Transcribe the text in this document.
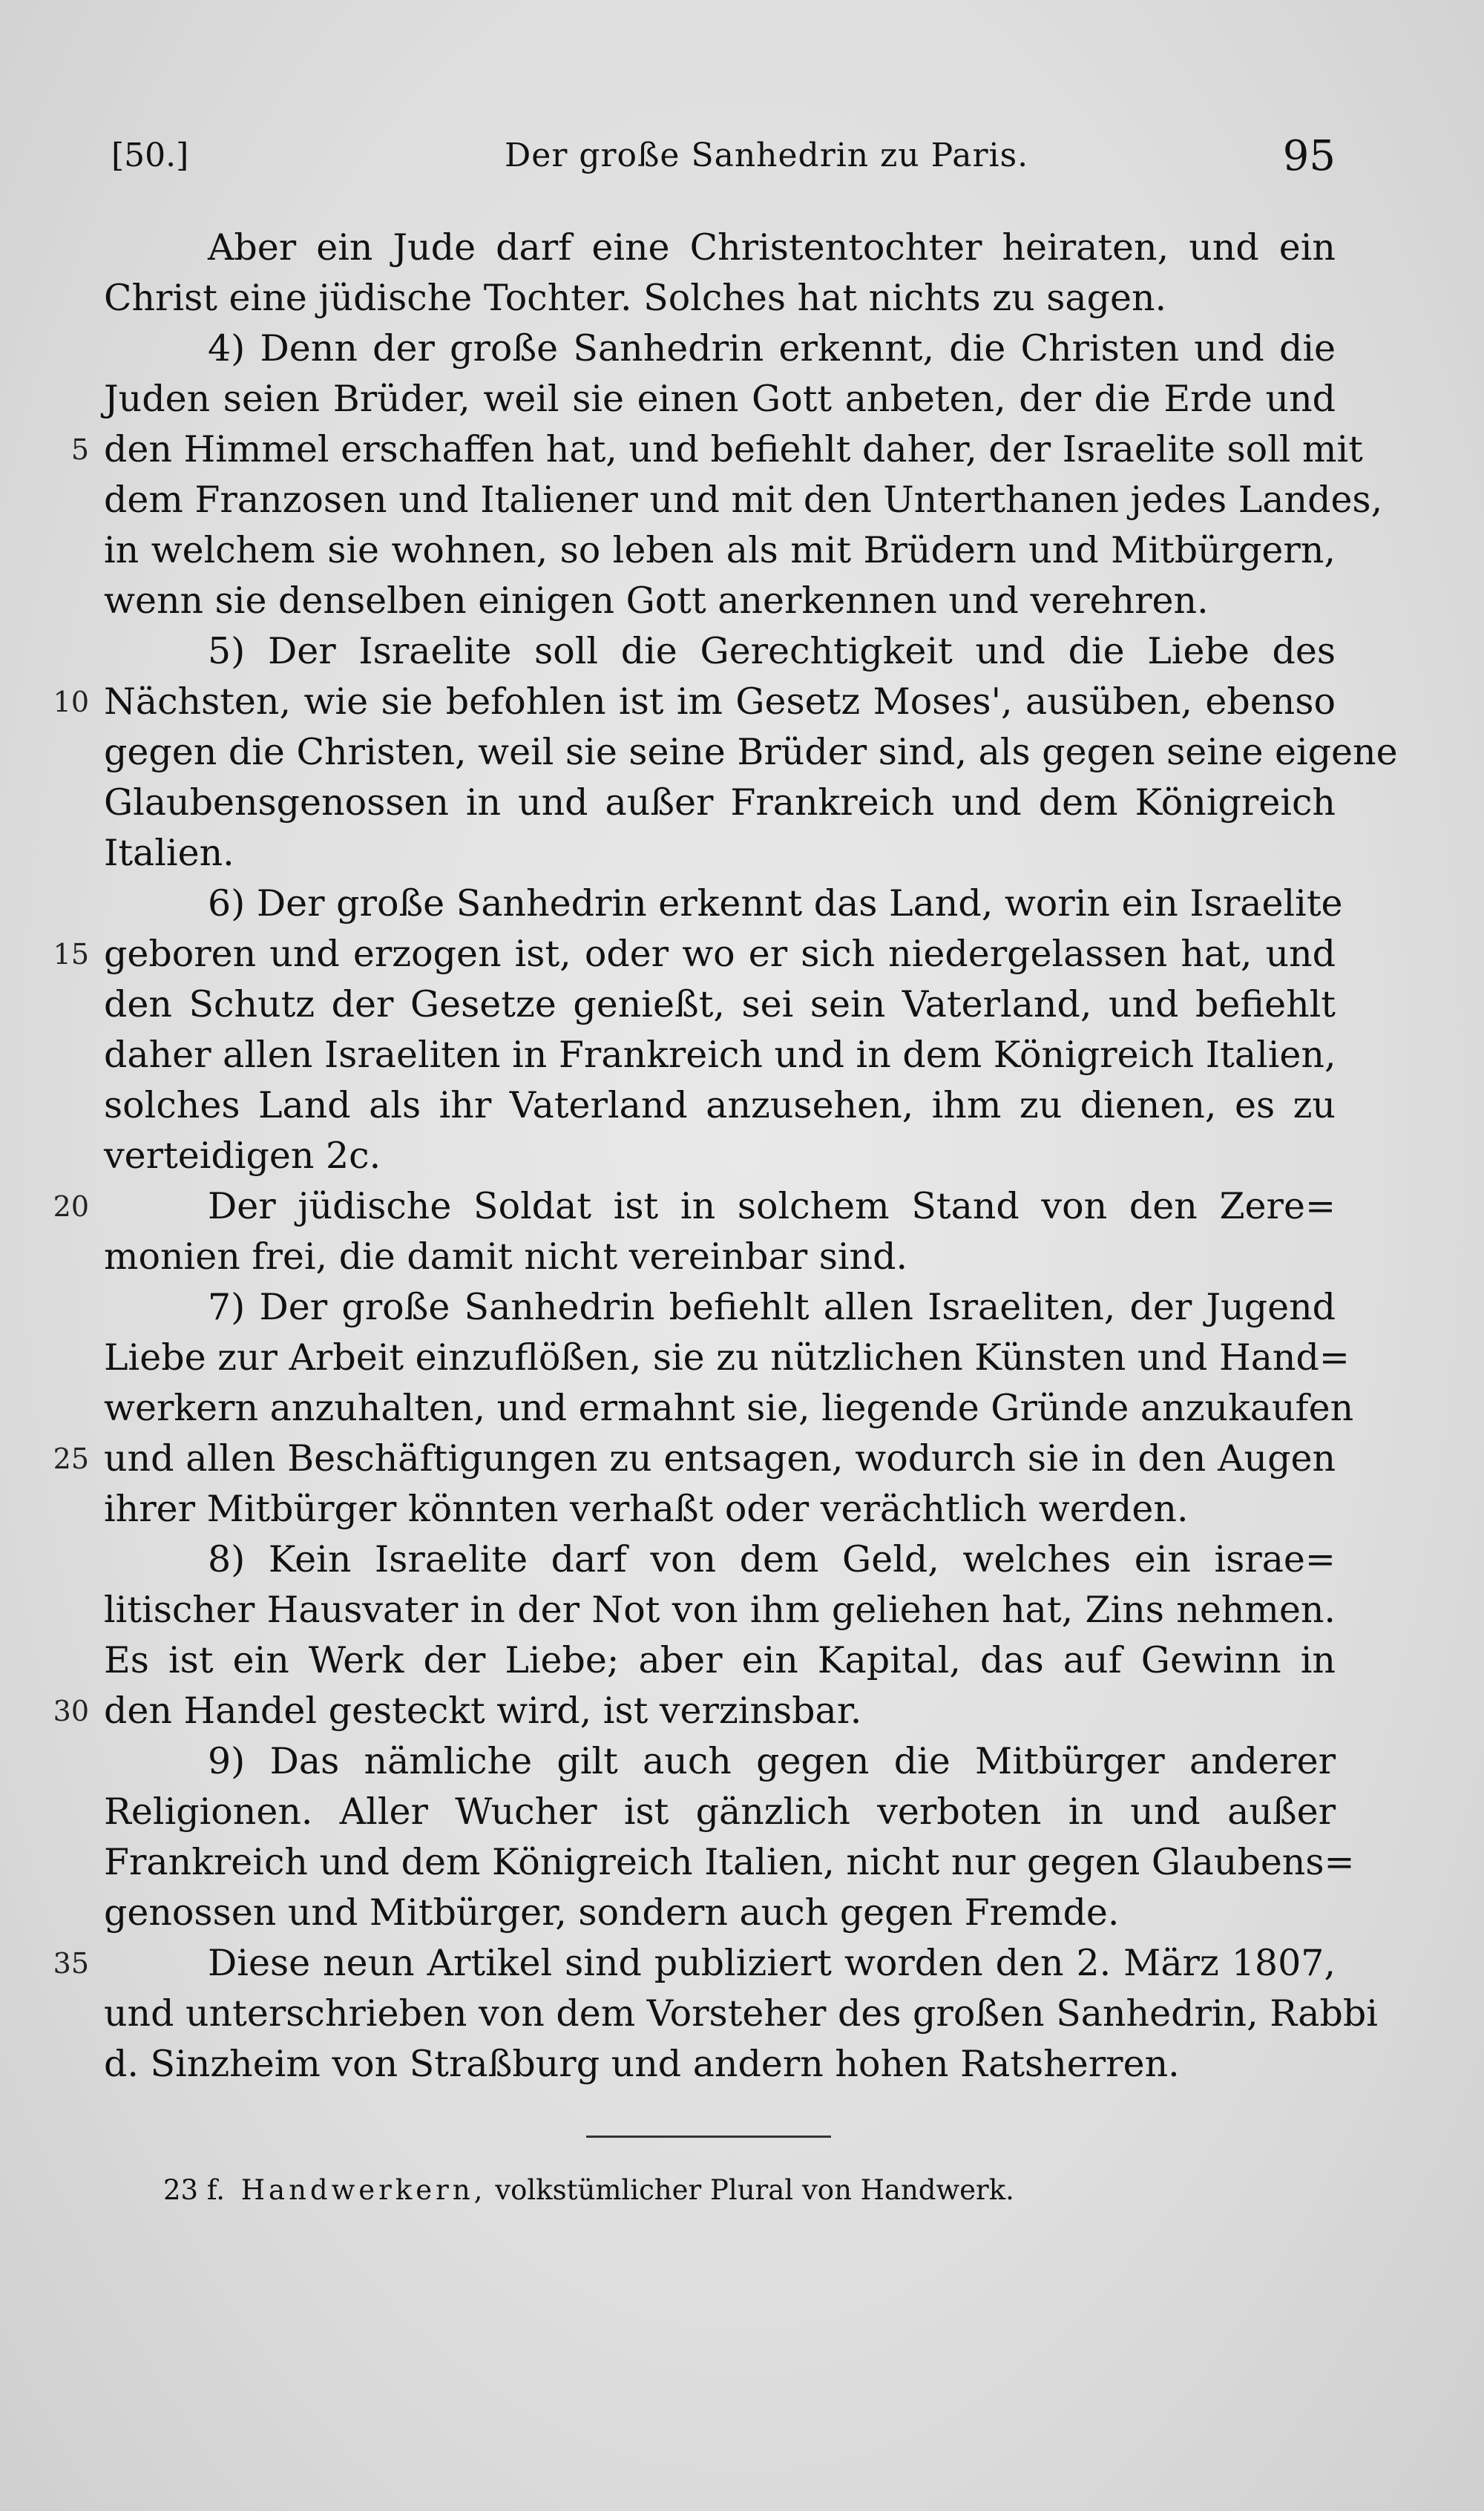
[50.]	Der große Sanhedrin zu Paris.	95
Aber ein Jude darf eine Christentochter heiraten, und ein
Christ eine jüdische Tochter. Solches hat nichts zu sagen.
4) Denn der große Sanhedrin erkennt, die Christen und die
Juden seien Brüder, weil sie einen Gott anbeten, der die Erde und
5 den Himmel erschaffen hat, und befiehlt daher, der Israelite soll mit
dem Franzosen und Italiener und mit den Unterthanen jedes Landes,
in welchem sie wohnen, so leben als mit Brüdern und Mitbürgern,
wenn sie denselben einigen Gott anerkennen und verehren.
5) Der Israelite soll die Gerechtigkeit und die Liebe des
10 Nächsten, wie sie befohlen ist im Gesetz Moses', ausüben, ebenso
gegen die Christen, weil sie seine Brüder sind, als gegen seine eigene
Glaubensgenossen in und außer Frankreich und dem Königreich
Italien.
6) Der große Sanhedrin erkennt das Land, worin ein Israelite
15 geboren und erzogen ist, oder wo er sich niedergelassen hat, und
den Schutz der Gesetze genießt, sei sein Vaterland, und befiehlt
daher allen Israeliten in Frankreich und in dem Königreich Italien,
solches Land als ihr Vaterland anzusehen, ihm zu dienen, es zu
verteidigen 2c.
20	Der jüdische Soldat ist in solchem Stand von den Zere=
monien frei, die damit nicht vereinbar sind.
7) Der große Sanhedrin befiehlt allen Israeliten, der Jugend
Liebe zur Arbeit einzuflößen, sie zu nützlichen Künsten und Hand=
werkern anzuhalten, und ermahnt sie, liegende Gründe anzukaufen
25 und allen Beschäftigungen zu entsagen, wodurch sie in den Augen
ihrer Mitbürger könnten verhaßt oder verächtlich werden.
8) Kein Israelite darf von dem Geld, welches ein israe=
litischer Hausvater in der Not von ihm geliehen hat, Zins nehmen.
Es ist ein Werk der Liebe; aber ein Kapital, das auf Gewinn in
30 den Handel gesteckt wird, ist verzinsbar.
9) Das nämliche gilt auch gegen die Mitbürger anderer
Religionen. Aller Wucher ist gänzlich verboten in und außer
Frankreich und dem Königreich Italien, nicht nur gegen Glaubens=
genossen und Mitbürger, sondern auch gegen Fremde.
35	Diese neun Artikel sind publiziert worden den 2. März 1807,
und unterschrieben von dem Vorsteher des großen Sanhedrin, Rabbi
d. Sinzheim von Straßburg und andern hohen Ratsherren.
23 f. Handwerkern, volkstümlicher Plural von Handwerk.
